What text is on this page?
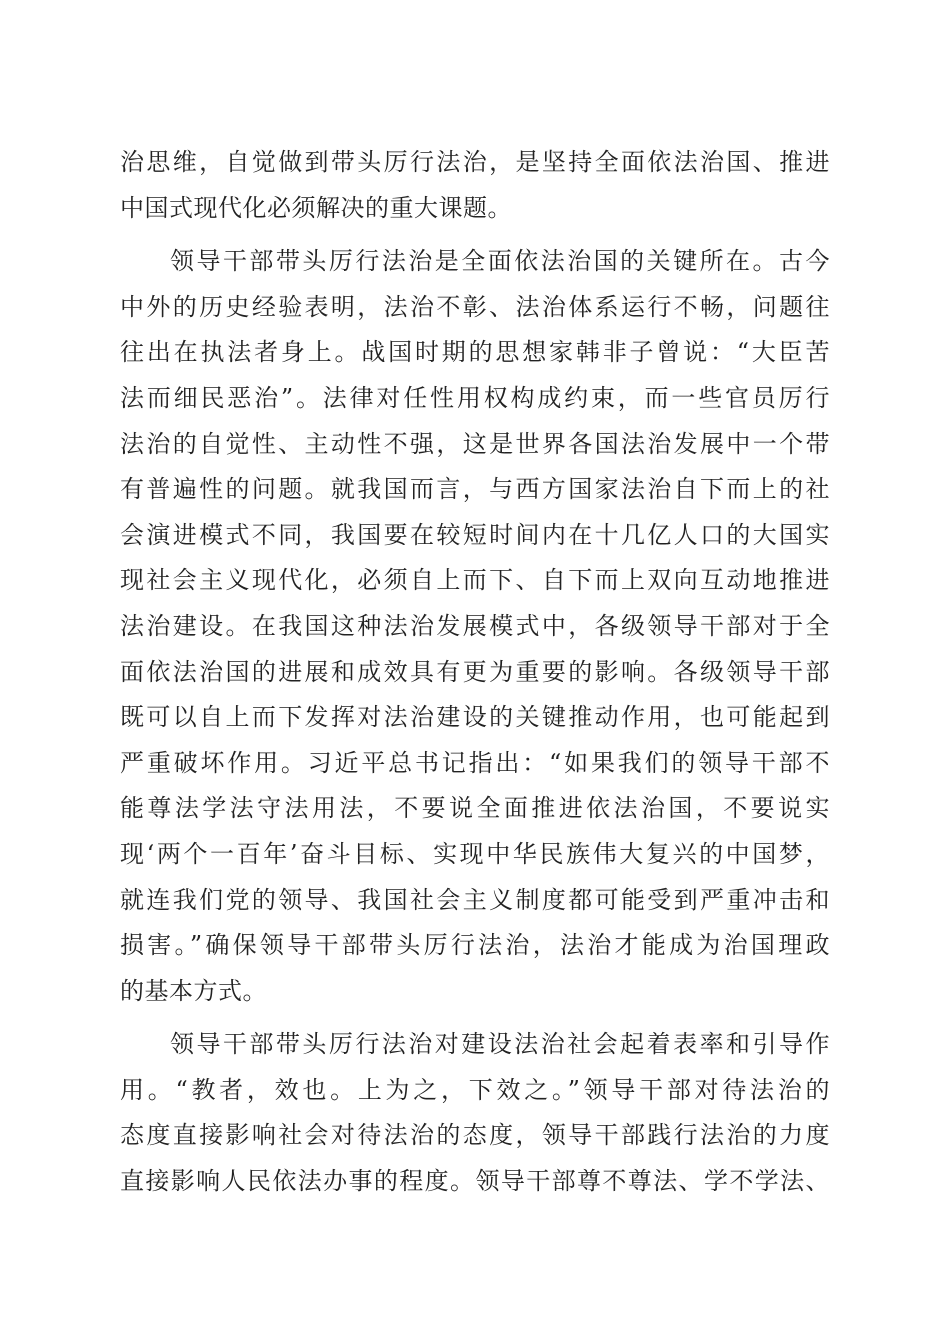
治思维，自觉做到带头厉行法治，是坚持全面依法治国、推进
中国式现代化必须解决的重大课题。
领导干部带头厉行法治是全面依法治国的关键所在。古今
中外的历史经验表明，法治不彰、法治体系运行不畅，问题往
往出在执法者身上。战国时期的思想家韩非子曾说：“大臣苦
法而细民恶治”。法律对任性用权构成约束，而一些官员厉行
法治的自觉性、主动性不强，这是世界各国法治发展中一个带
有普遍性的问题。就我国而言，与西方国家法治自下而上的社
会演进模式不同，我国要在较短时间内在十几亿人口的大国实
现社会主义现代化，必须自上而下、自下而上双向互动地推进
法治建设。在我国这种法治发展模式中，各级领导干部对于全
面依法治国的进展和成效具有更为重要的影响。各级领导干部
既可以自上而下发挥对法治建设的关键推动作用，也可能起到
严重破坏作用。习近平总书记指出：“如果我们的领导干部不
能尊法学法守法用法，不要说全面推进依法治国，不要说实
现‘两个一百年’奋斗目标、实现中华民族伟大复兴的中国梦，
就连我们党的领导、我国社会主义制度都可能受到严重冲击和
损害。”确保领导干部带头厉行法治，法治才能成为治国理政
的基本方式。
领导干部带头厉行法治对建设法治社会起着表率和引导作
用。“教者，效也。上为之，下效之。”领导干部对待法治的
态度直接影响社会对待法治的态度，领导干部践行法治的力度
直接影响人民依法办事的程度。领导干部尊不尊法、学不学法、
